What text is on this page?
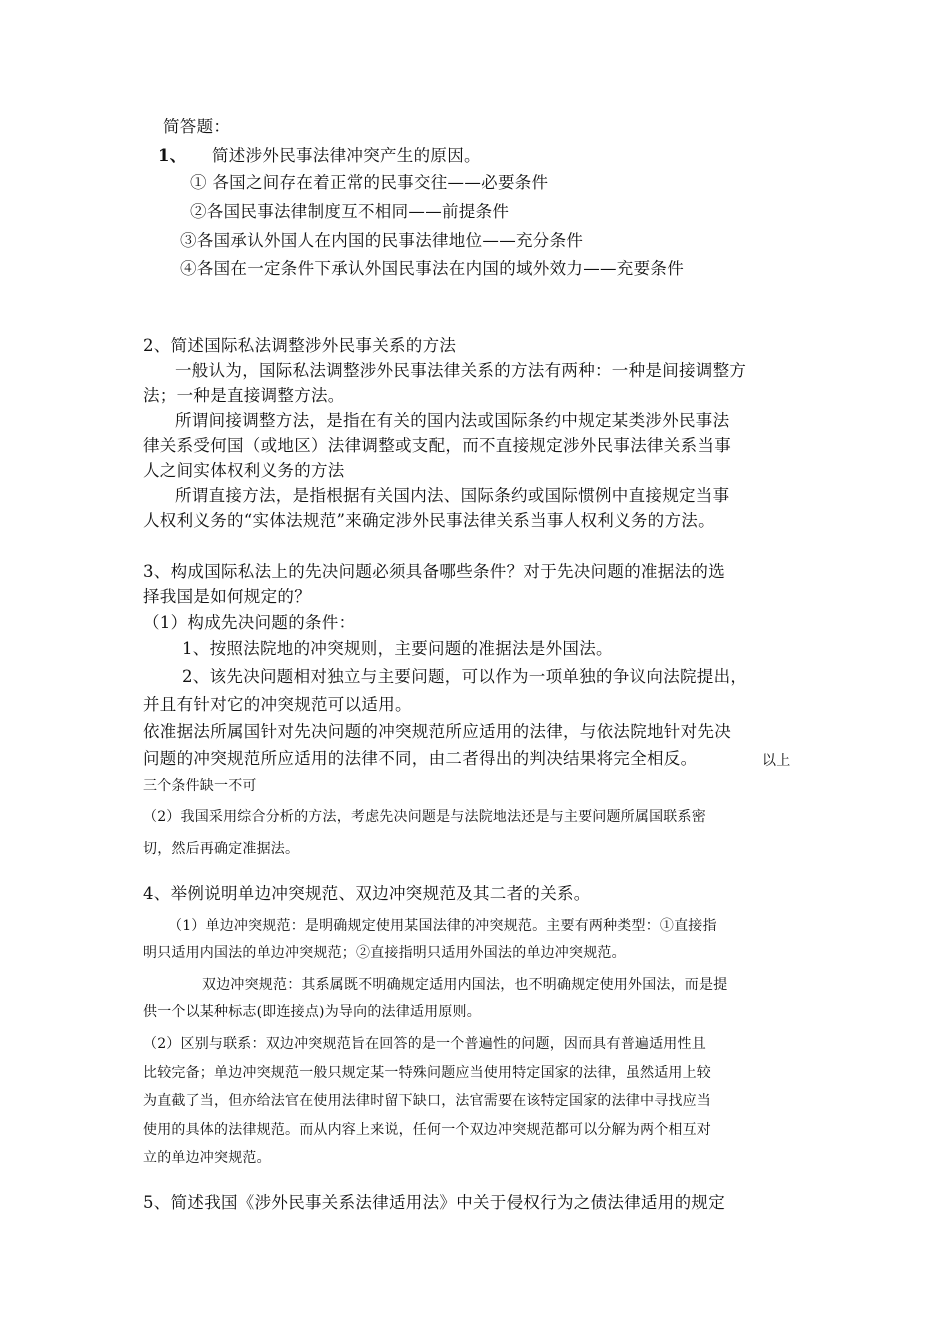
简答题：

1、 简述涉外民事法律冲突产生的原因。

① 各国之间存在着正常的民事交往——必要条件

②各国民事法律制度互不相同——前提条件

③各国承认外国人在内国的民事法律地位——充分条件

④各国在一定条件下承认外国民事法在内国的域外效力——充要条件

2、简述国际私法调整涉外民事关系的方法

一般认为，国际私法调整涉外民事法律关系的方法有两种：一种是间接调整方

法；一种是直接调整方法。

所谓间接调整方法，是指在有关的国内法或国际条约中规定某类涉外民事法

律关系受何国（或地区）法律调整或支配，而不直接规定涉外民事法律关系当事

人之间实体权利义务的方法

所谓直接方法，是指根据有关国内法、国际条约或国际惯例中直接规定当事

人权利义务的“实体法规范”来确定涉外民事法律关系当事人权利义务的方法。

3、构成国际私法上的先决问题必须具备哪些条件？对于先决问题的准据法的选

择我国是如何规定的？

（1）构成先决问题的条件：

1、按照法院地的冲突规则，主要问题的准据法是外国法。

2、该先决问题相对独立与主要问题，可以作为一项单独的争议向法院提出，

并且有针对它的冲突规范可以适用。

依准据法所属国针对先决问题的冲突规范所应适用的法律，与依法院地针对先决

问题的冲突规范所应适用的法律不同，由二者得出的判决结果将完全相反。	以上

三个条件缺一不可

（2）我国采用综合分析的方法，考虑先决问题是与法院地法还是与主要问题所属国联系密

切，然后再确定准据法。

4、举例说明单边冲突规范、双边冲突规范及其二者的关系。

（1）单边冲突规范：是明确规定使用某国法律的冲突规范。主要有两种类型：①直接指

明只适用内国法的单边冲突规范；②直接指明只适用外国法的单边冲突规范。

双边冲突规范：其系属既不明确规定适用内国法，也不明确规定使用外国法，而是提

供一个以某种标志(即连接点)为导向的法律适用原则。

（2）区别与联系：双边冲突规范旨在回答的是一个普遍性的问题，因而具有普遍适用性且

比较完备；单边冲突规范一般只规定某一特殊问题应当使用特定国家的法律，虽然适用上较

为直截了当，但亦给法官在使用法律时留下缺口，法官需要在该特定国家的法律中寻找应当

使用的具体的法律规范。而从内容上来说，任何一个双边冲突规范都可以分解为两个相互对

立的单边冲突规范。

5、简述我国《涉外民事关系法律适用法》中关于侵权行为之债法律适用的规定
